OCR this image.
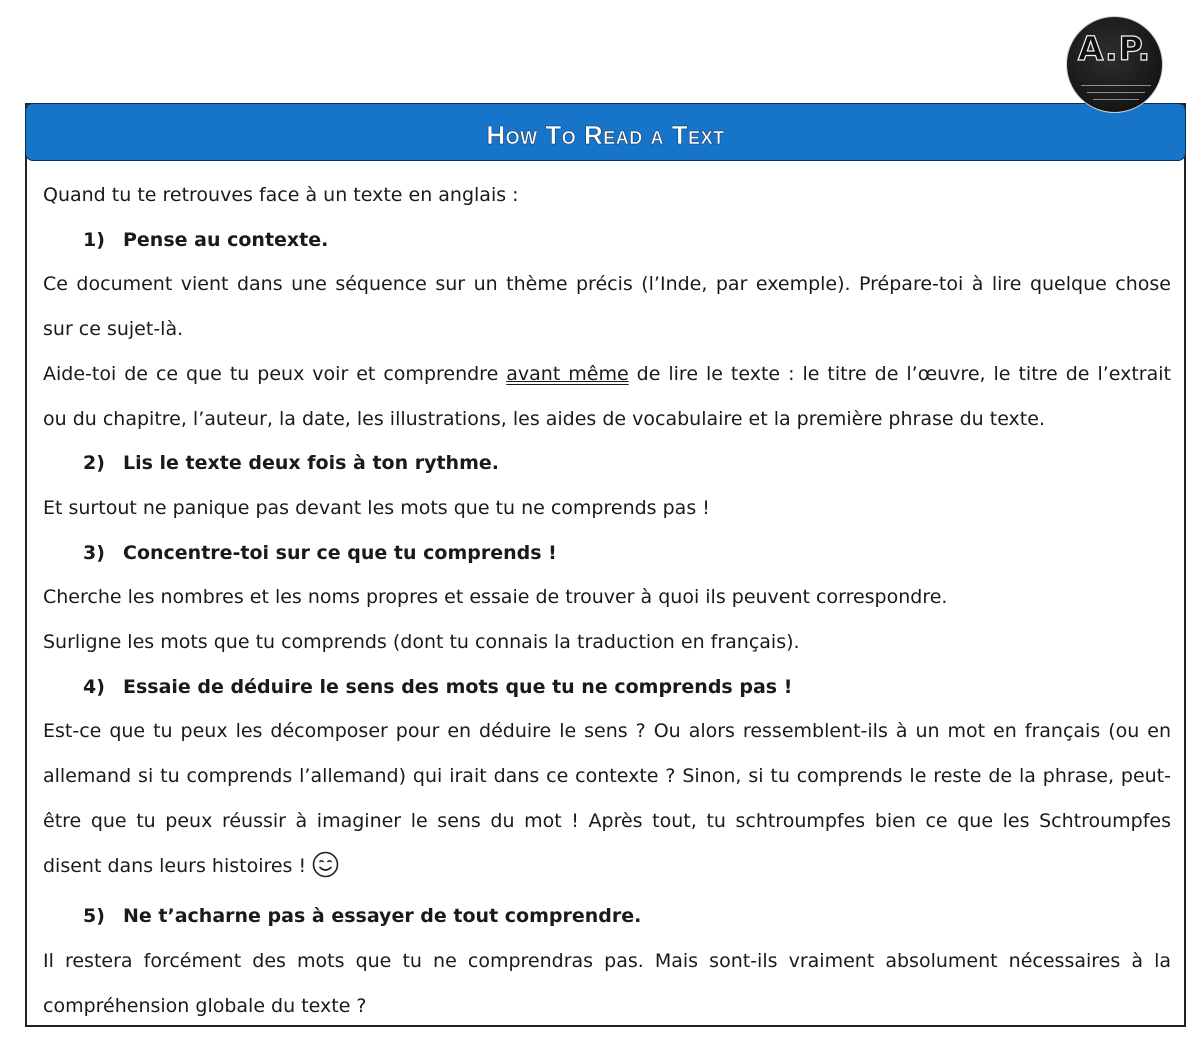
A.P.
How To Read a Text
Quand tu te retrouves face à un texte en anglais :
1) Pense au contexte.
Ce document vient dans une séquence sur un thème précis (l’Inde, par exemple). Prépare-toi à lire quelque chose
sur ce sujet-là.
Aide-toi de ce que tu peux voir et comprendre avant même de lire le texte : le titre de l’œuvre, le titre de l’extrait
ou du chapitre, l’auteur, la date, les illustrations, les aides de vocabulaire et la première phrase du texte.
2) Lis le texte deux fois à ton rythme.
Et surtout ne panique pas devant les mots que tu ne comprends pas !
3) Concentre-toi sur ce que tu comprends !
Cherche les nombres et les noms propres et essaie de trouver à quoi ils peuvent correspondre.
Surligne les mots que tu comprends (dont tu connais la traduction en français).
4) Essaie de déduire le sens des mots que tu ne comprends pas !
Est-ce que tu peux les décomposer pour en déduire le sens ? Ou alors ressemblent-ils à un mot en français (ou en
allemand si tu comprends l’allemand) qui irait dans ce contexte ? Sinon, si tu comprends le reste de la phrase, peut-
être que tu peux réussir à imaginer le sens du mot ! Après tout, tu schtroumpfes bien ce que les Schtroumpfes
disent dans leurs histoires !
5) Ne t’acharne pas à essayer de tout comprendre.
Il restera forcément des mots que tu ne comprendras pas. Mais sont-ils vraiment absolument nécessaires à la
compréhension globale du texte ?
